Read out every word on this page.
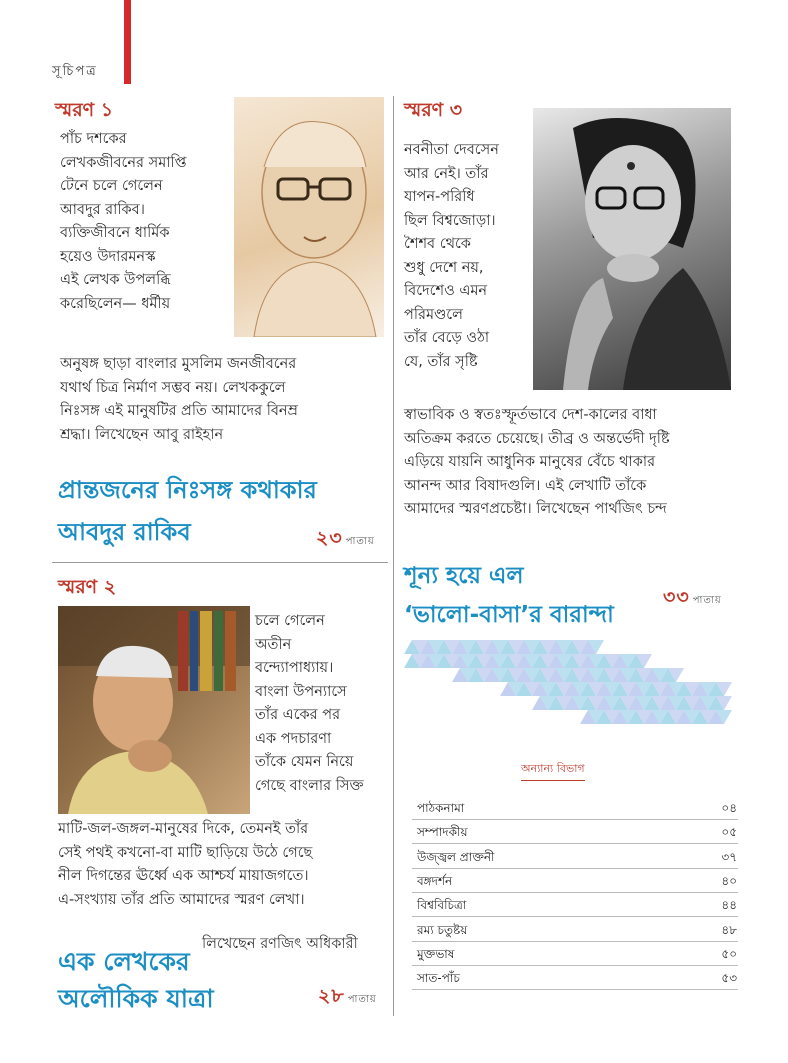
সূচিপত্র
স্মরণ ১
পাঁচ দশকের
লেখকজীবনের সমাপ্তি
টেনে চলে গেলেন
আবদুর রাকিব।
ব্যক্তিজীবনে ধার্মিক
হয়েও উদারমনস্ক
এই লেখক উপলব্ধি
করেছিলেন— ধর্মীয়
অনুষঙ্গ ছাড়া বাংলার মুসলিম জনজীবনের
যথার্থ চিত্র নির্মাণ সম্ভব নয়। লেখককুলে
নিঃসঙ্গ এই মানুষটির প্রতি আমাদের বিনম্র
শ্রদ্ধা। লিখেছেন আবু রাইহান
প্রান্তজনের নিঃসঙ্গ কথাকার
আবদুর রাকিব	২৩ পাতায়
স্মরণ ২
চলে গেলেন
অতীন
বন্দ্যোপাধ্যায়।
বাংলা উপন্যাসে
তাঁর একের পর
এক পদচারণা
তাঁকে যেমন নিয়ে
গেছে বাংলার সিক্ত
মাটি-জল-জঙ্গল-মানুষের দিকে, তেমনই তাঁর
সেই পথই কখনো-বা মাটি ছাড়িয়ে উঠে গেছে
নীল দিগন্তের ঊর্ধ্বে এক আশ্চর্য মায়াজগতে।
এ-সংখ্যায় তাঁর প্রতি আমাদের স্মরণ লেখা।
লিখেছেন রণজিৎ অধিকারী
এক লেখকের
অলৌকিক যাত্রা	২৮ পাতায়
স্মরণ ৩
নবনীতা দেবসেন
আর নেই। তাঁর
যাপন-পরিধি
ছিল বিশ্বজোড়া।
শৈশব থেকে
শুধু দেশে নয়,
বিদেশেও এমন
পরিমণ্ডলে
তাঁর বেড়ে ওঠা
যে, তাঁর সৃষ্টি
স্বাভাবিক ও স্বতঃস্ফূর্তভাবে দেশ-কালের বাধা
অতিক্রম করতে চেয়েছে। তীব্র ও অন্তর্ভেদী দৃষ্টি
এড়িয়ে যায়নি আধুনিক মানুষের বেঁচে থাকার
আনন্দ আর বিষাদগুলি। এই লেখাটি তাঁকে
আমাদের স্মরণপ্রচেষ্টা। লিখেছেন পার্থজিৎ চন্দ
শূন্য হয়ে এল
‘ভালো-বাসা’র বারান্দা
৩৩ পাতায়
অন্যান্য বিভাগ
পাঠকনামা	০৪
সম্পাদকীয়	০৫
উজ্জ্বল প্রাক্তনী	৩৭
বঙ্গদর্শন	৪০
বিশ্ববিচিত্রা	৪৪
রম্য চতুষ্টয়	৪৮
মুক্তভাষ	৫০
সাত-পাঁচ	৫৩
